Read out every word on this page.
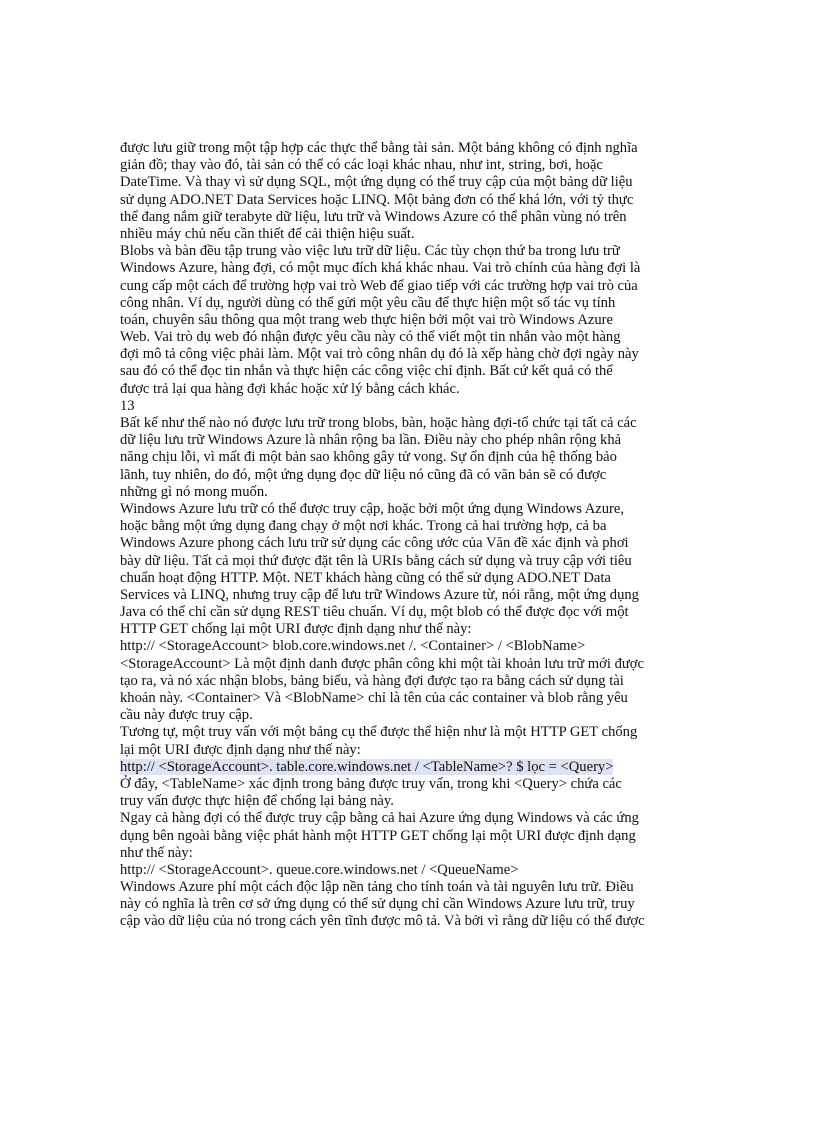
được lưu giữ trong một tập hợp các thực thể bằng tài sản. Một bảng không có định nghĩa
giản đồ; thay vào đó, tài sản có thể có các loại khác nhau, như int, string, bơi, hoặc
DateTime. Và thay vì sử dụng SQL, một ứng dụng có thể truy cập của một bảng dữ liệu
sử dụng ADO.NET Data Services hoặc LINQ. Một bảng đơn có thể khá lớn, với tỷ thực
thể đang nắm giữ terabyte dữ liệu, lưu trữ và Windows Azure có thể phân vùng nó trên
nhiều máy chủ nếu cần thiết để cải thiện hiệu suất.
Blobs và bàn đều tập trung vào việc lưu trữ dữ liệu. Các tùy chọn thứ ba trong lưu trữ
Windows Azure, hàng đợi, có một mục đích khá khác nhau. Vai trò chính của hàng đợi là
cung cấp một cách để trường hợp vai trò Web để giao tiếp với các trường hợp vai trò của
công nhân. Ví dụ, người dùng có thể gửi một yêu cầu để thực hiện một số tác vụ tính
toán, chuyên sâu thông qua một trang web thực hiện bởi một vai trò Windows Azure
Web. Vai trò dụ web đó nhận được yêu cầu này có thể viết một tin nhắn vào một hàng
đợi mô tả công việc phải làm. Một vai trò công nhân dụ đó là xếp hàng chờ đợi ngày này
sau đó có thể đọc tin nhắn và thực hiện các công việc chỉ định. Bất cứ kết quả có thể
được trả lại qua hàng đợi khác hoặc xử lý bằng cách khác.
13
Bất kể như thế nào nó được lưu trữ trong blobs, bàn, hoặc hàng đợi-tổ chức tại tất cả các
dữ liệu lưu trữ Windows Azure là nhân rộng ba lần. Điều này cho phép nhân rộng khả
năng chịu lỗi, vì mất đi một bản sao không gây tử vong. Sự ổn định của hệ thống bảo
lãnh, tuy nhiên, do đó, một ứng dụng đọc dữ liệu nó cũng đã có văn bản sẽ có được
những gì nó mong muốn.
Windows Azure lưu trữ có thể được truy cập, hoặc bởi một ứng dụng Windows Azure,
hoặc bằng một ứng dụng đang chạy ở một nơi khác. Trong cả hai trường hợp, cả ba
Windows Azure phong cách lưu trữ sử dụng các công ước của Văn đề xác định và phơi
bày dữ liệu. Tất cả mọi thứ được đặt tên là URIs bằng cách sử dụng và truy cập với tiêu
chuẩn hoạt động HTTP. Một. NET khách hàng cũng có thể sử dụng ADO.NET Data
Services và LINQ, nhưng truy cập để lưu trữ Windows Azure từ, nói rằng, một ứng dụng
Java có thể chỉ cần sử dụng REST tiêu chuẩn. Ví dụ, một blob có thể được đọc với một
HTTP GET chống lại một URI được định dạng như thế này:
http:// <StorageAccount> blob.core.windows.net /. <Container> / <BlobName>
<StorageAccount> Là một định danh được phân công khi một tài khoản lưu trữ mới được
tạo ra, và nó xác nhận blobs, bảng biểu, và hàng đợi được tạo ra bằng cách sử dụng tài
khoản này. <Container> Và <BlobName> chỉ là tên của các container và blob rằng yêu
cầu này được truy cập.
Tương tự, một truy vấn với một bảng cụ thể được thể hiện như là một HTTP GET chống
lại một URI được định dạng như thế này:
http:// <StorageAccount>. table.core.windows.net / <TableName>? $ lọc = <Query>
Ở đây, <TableName> xác định trong bảng được truy vấn, trong khi <Query> chứa các
truy vấn được thực hiện để chống lại bảng này.
Ngay cả hàng đợi có thể được truy cập bằng cả hai Azure ứng dụng Windows và các ứng
dụng bên ngoài bằng việc phát hành một HTTP GET chống lại một URI được định dạng
như thế này:
http:// <StorageAccount>. queue.core.windows.net / <QueueName>
Windows Azure phí một cách độc lập nền tảng cho tính toán và tài nguyên lưu trữ. Điều
này có nghĩa là trên cơ sở ứng dụng có thể sử dụng chỉ cần Windows Azure lưu trữ, truy
cập vào dữ liệu của nó trong cách yên tĩnh được mô tả. Và bởi vì rằng dữ liệu có thể được
